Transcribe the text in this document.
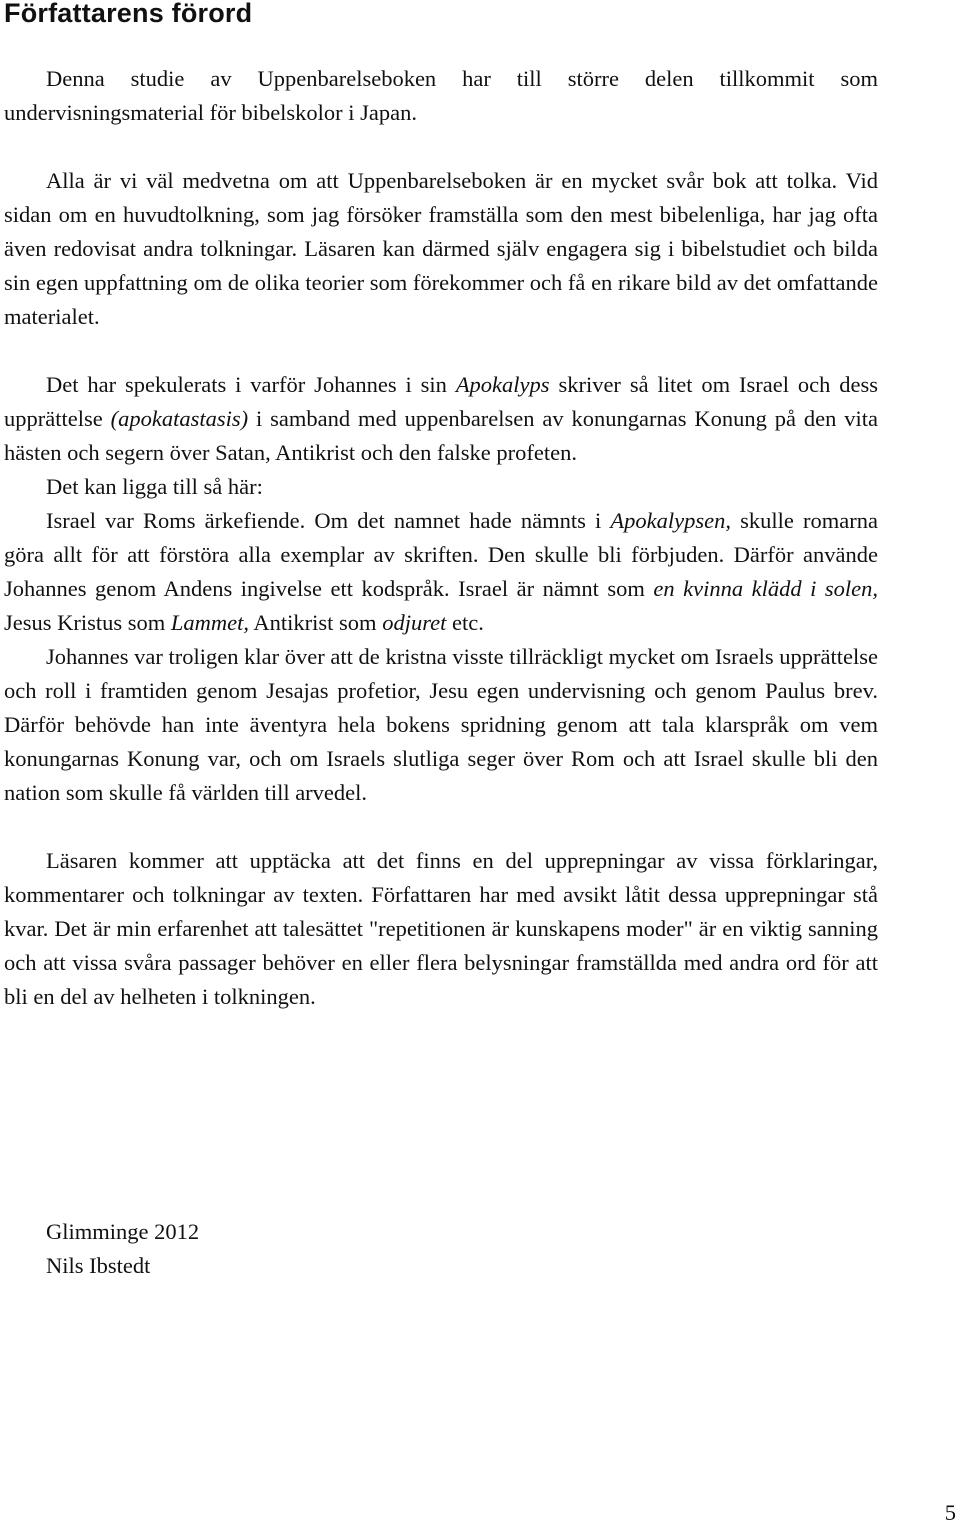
Författarens förord

Denna studie av Uppenbarelseboken har till större delen tillkommit som undervisningsmaterial för bibelskolor i Japan.

Alla är vi väl medvetna om att Uppenbarelseboken är en mycket svår bok att tolka. Vid sidan om en huvudtolkning, som jag försöker framställa som den mest bibelenliga, har jag ofta även redovisat andra tolkningar. Läsaren kan därmed själv engagera sig i bibelstudiet och bilda sin egen uppfattning om de olika teorier som förekommer och få en rikare bild av det omfattande materialet.

Det har spekulerats i varför Johannes i sin Apokalyps skriver så litet om Israel och dess upprättelse (apokatastasis) i samband med uppenbarelsen av konungarnas Konung på den vita hästen och segern över Satan, Antikrist och den falske profeten.

Det kan ligga till så här:

Israel var Roms ärkefiende. Om det namnet hade nämnts i Apokalypsen, skulle romarna göra allt för att förstöra alla exemplar av skriften. Den skulle bli förbjuden. Därför använde Johannes genom Andens ingivelse ett kodspråk. Israel är nämnt som en kvinna klädd i solen, Jesus Kristus som Lammet, Antikrist som odjuret etc.

Johannes var troligen klar över att de kristna visste tillräckligt mycket om Israels upprättelse och roll i framtiden genom Jesajas profetior, Jesu egen undervisning och genom Paulus brev. Därför behövde han inte äventyra hela bokens spridning genom att tala klarspråk om vem konungarnas Konung var, och om Israels slutliga seger över Rom och att Israel skulle bli den nation som skulle få världen till arvedel.

Läsaren kommer att upptäcka att det finns en del upprepningar av vissa förklaringar, kommentarer och tolkningar av texten. Författaren har med avsikt låtit dessa upprepningar stå kvar. Det är min erfarenhet att talesättet "repetitionen är kunskapens moder" är en viktig sanning och att vissa svåra passager behöver en eller flera belysningar framställda med andra ord för att bli en del av helheten i tolkningen.

Glimminge 2012
Nils Ibstedt
5
